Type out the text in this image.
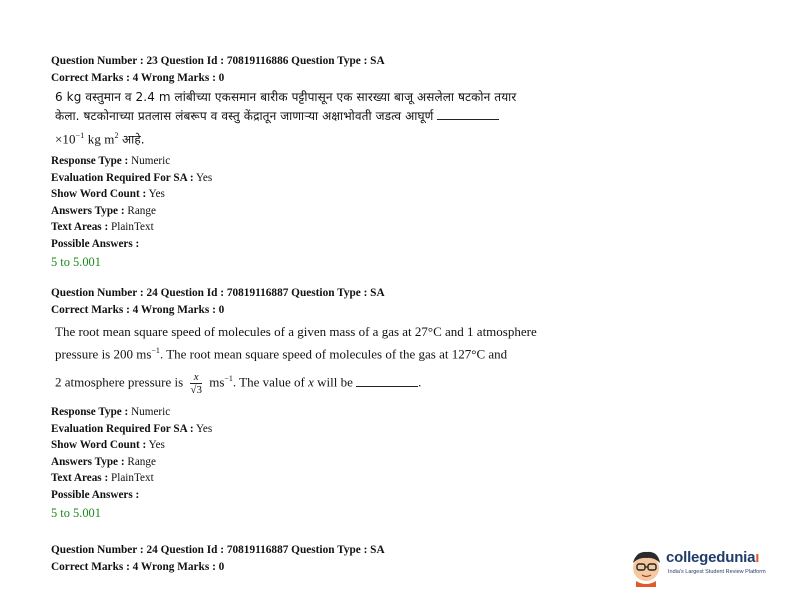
Question Number : 23 Question Id : 70819116886 Question Type : SA

Correct Marks : 4 Wrong Marks : 0

6 kg वस्तुमान व 2.4 m लांबीच्या एकसमान बारीक पट्टीपासून एक सारख्या बाजू असलेला षटकोन तयार
केला. षटकोनाच्या प्रतलास लंबरूप व वस्तु केंद्रातून जाणाऱ्या अक्षाभोवती जडत्व आघूर्ण
$\times 10^{-1}$ kg $m^2$ आहे.

Response Type : Numeric

Evaluation Required For SA : Yes

Show Word Count : Yes

Answers Type : Range

Text Areas : PlainText

Possible Answers :

5 to 5.001

Question Number : 24 Question Id : 70819116887 Question Type : SA

Correct Marks : 4 Wrong Marks : 0

The root mean square speed of molecules of a given mass of a gas at 27°C and 1 atmosphere
pressure is 200 $ms^{-1}$. The root mean square speed of molecules of the gas at 127°C and
2 atmosphere pressure is $\frac{x}{√3} ms^{-1}$. The value of x will be	.

Response Type : Numeric

Evaluation Required For SA : Yes

Show Word Count : Yes

Answers Type : Range

Text Areas : PlainText

Possible Answers :

5 to 5.001

Question Number : 24 Question Id : 70819116887 Question Type : SA

Correct Marks : 4 Wrong Marks : 0

collegeduniaı
India's Largest Student Review Platform
